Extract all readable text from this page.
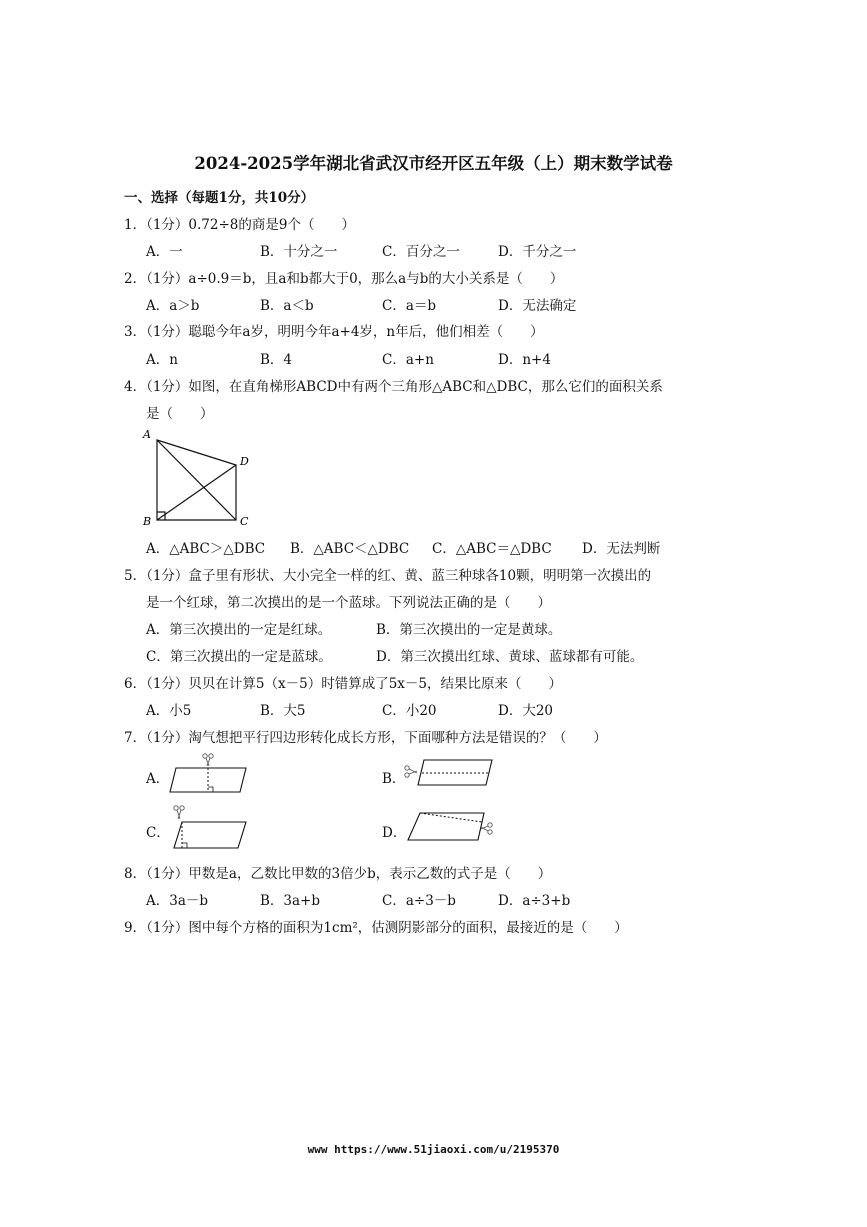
2024-2025学年湖北省武汉市经开区五年级（上）期末数学试卷
一、选择（每题1分，共10分）
1．（1分）0.72÷8的商是9个（　　）
A．一	B．十分之一	C．百分之一	D．千分之一
2．（1分）a÷0.9＝b，且a和b都大于0，那么a与b的大小关系是（　　）
A．a＞b	B．a＜b	C．a＝b	D．无法确定
3．（1分）聪聪今年a岁，明明今年a+4岁，n年后，他们相差（　　）
A．n	B．4	C．a+n	D．n+4
4．（1分）如图，在直角梯形ABCD中有两个三角形△ABC和△DBC，那么它们的面积关系
是（　　）
A
D
B	C
A．△ABC＞△DBC B．△ABC＜△DBC C．△ABC＝△DBC D．无法判断
5．（1分）盒子里有形状、大小完全一样的红、黄、蓝三种球各10颗，明明第一次摸出的
是一个红球，第二次摸出的是一个蓝球。下列说法正确的是（　　）
A．第三次摸出的一定是红球。	B．第三次摸出的一定是黄球。
C．第三次摸出的一定是蓝球。	D．第三次摸出红球、黄球、蓝球都有可能。
6．（1分）贝贝在计算5（x－5）时错算成了5x－5，结果比原来（　　）
A．小5	B．大5	C．小20	D．大20
7．（1分）淘气想把平行四边形转化成长方形，下面哪种方法是错误的？（　　）
A．	B．
C．	D．
8．（1分）甲数是a，乙数比甲数的3倍少b，表示乙数的式子是（　　）
A．3a－b	B．3a+b	C．a÷3－b	D．a÷3+b
9．（1分）图中每个方格的面积为1cm²，估测阴影部分的面积，最接近的是（　　）
www https://www.51jiaoxi.com/u/2195370
